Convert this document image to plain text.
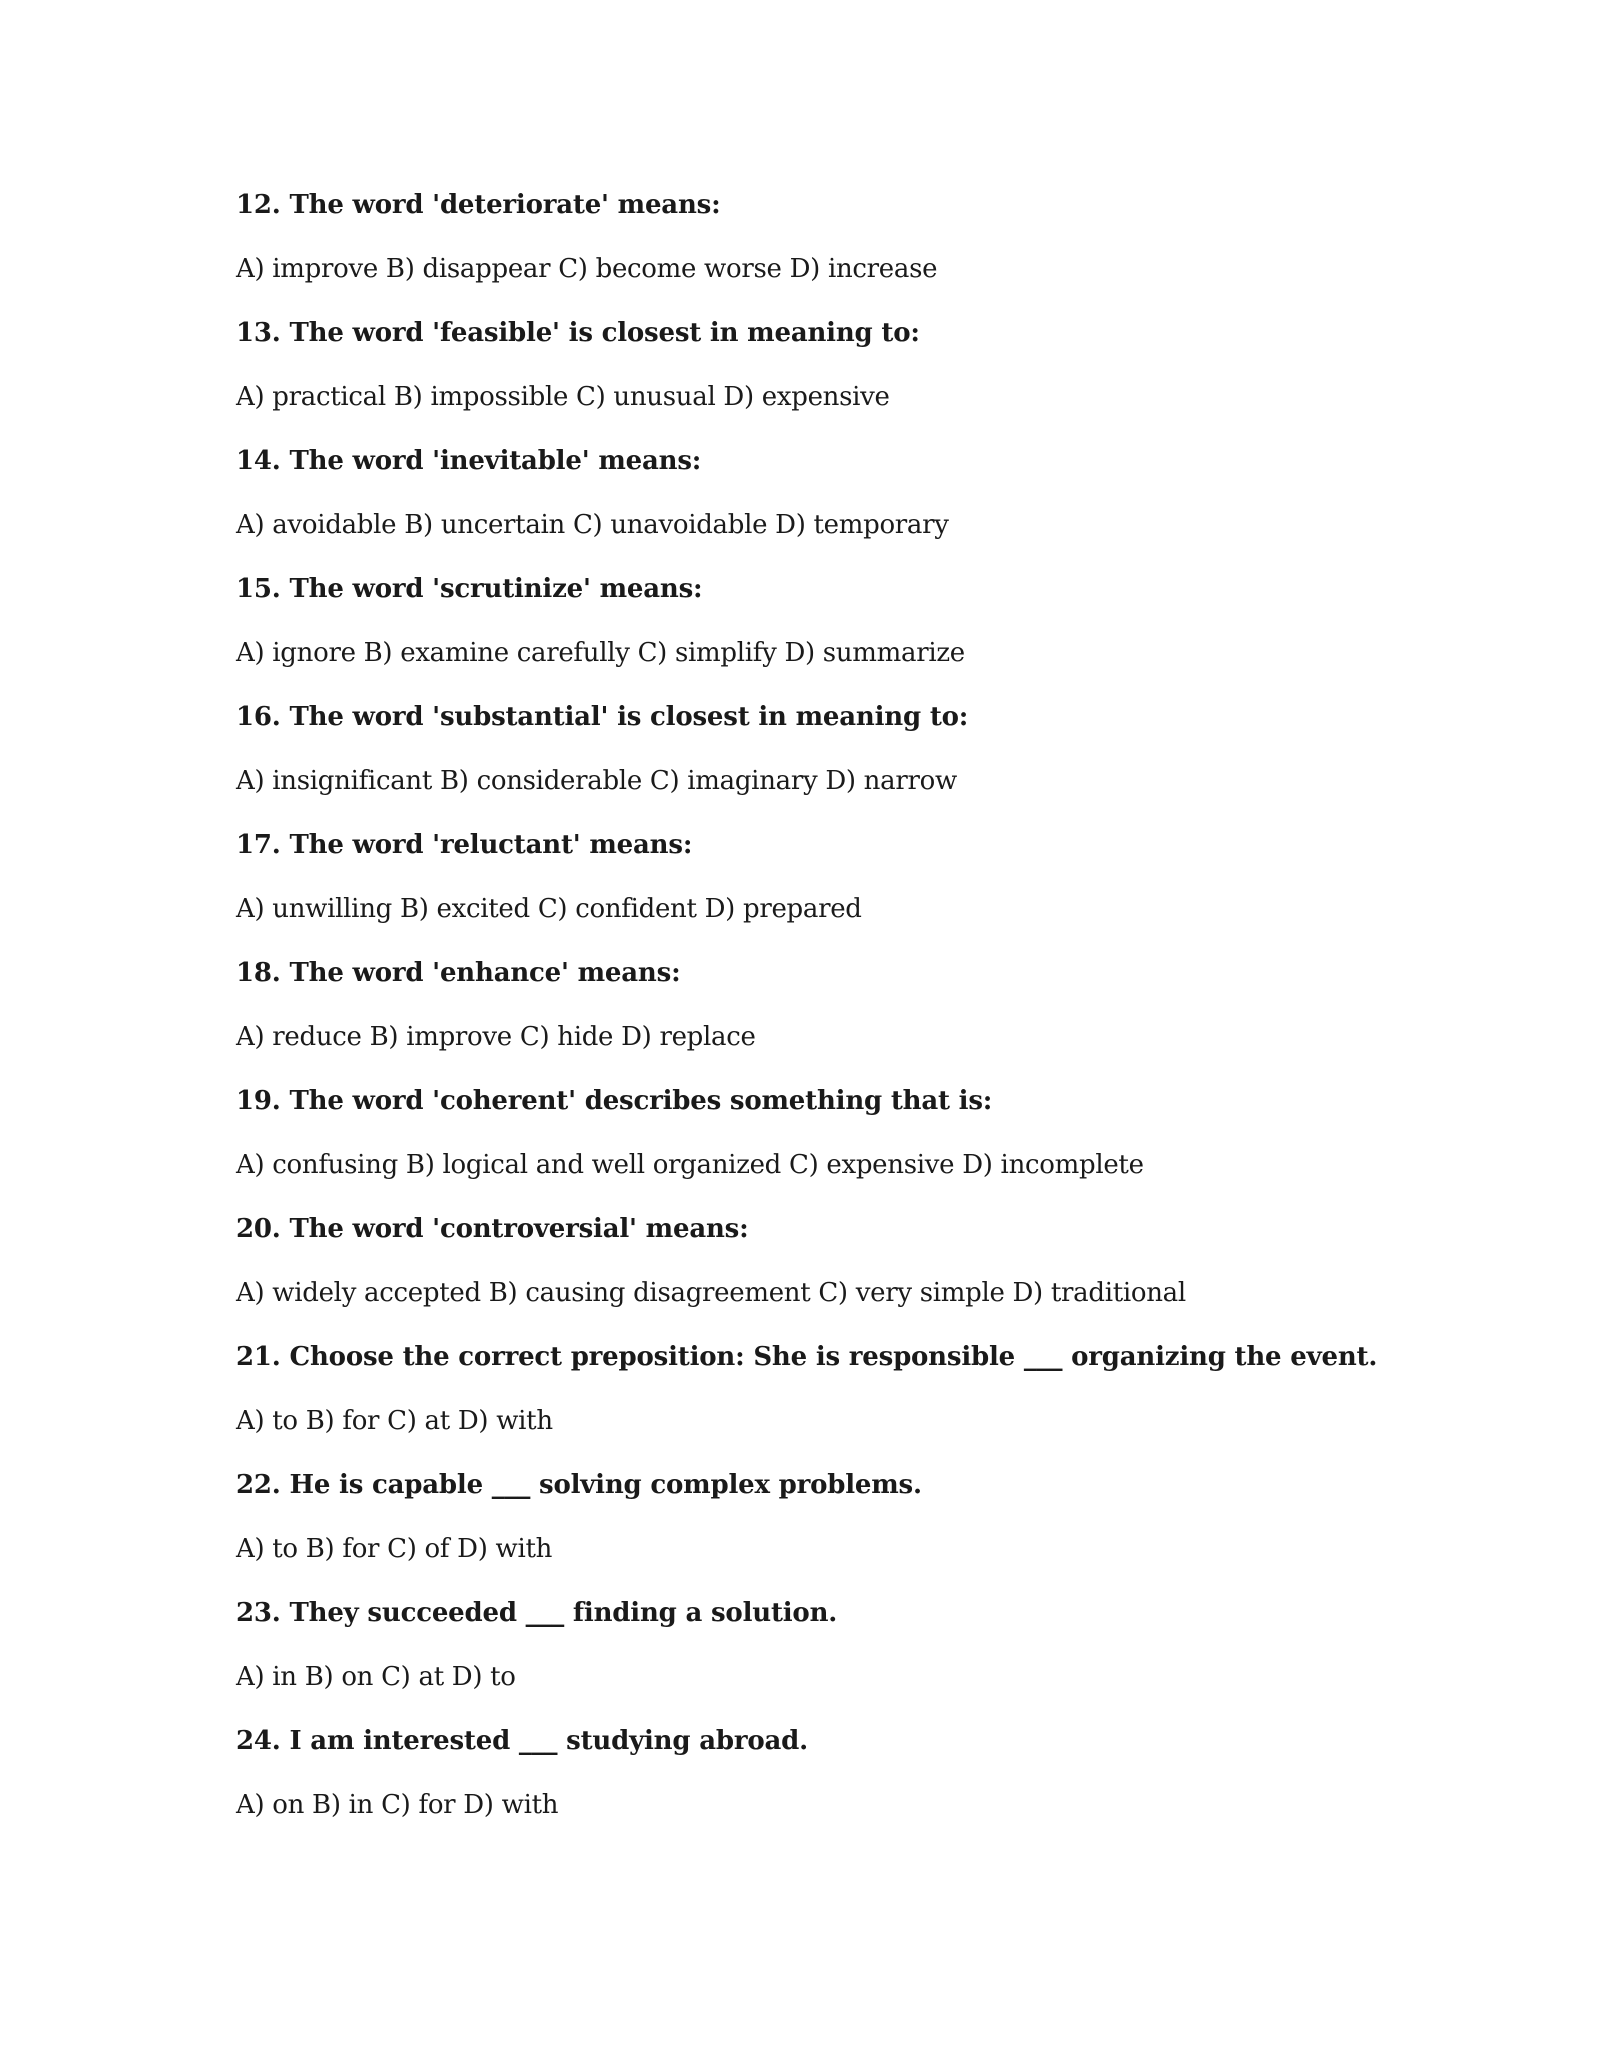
12. The word 'deteriorate' means:
A) improve B) disappear C) become worse D) increase
13. The word 'feasible' is closest in meaning to:
A) practical B) impossible C) unusual D) expensive
14. The word 'inevitable' means:
A) avoidable B) uncertain C) unavoidable D) temporary
15. The word 'scrutinize' means:
A) ignore B) examine carefully C) simplify D) summarize
16. The word 'substantial' is closest in meaning to:
A) insignificant B) considerable C) imaginary D) narrow
17. The word 'reluctant' means:
A) unwilling B) excited C) confident D) prepared
18. The word 'enhance' means:
A) reduce B) improve C) hide D) replace
19. The word 'coherent' describes something that is:
A) confusing B) logical and well organized C) expensive D) incomplete
20. The word 'controversial' means:
A) widely accepted B) causing disagreement C) very simple D) traditional
21. Choose the correct preposition: She is responsible ___ organizing the event.
A) to B) for C) at D) with
22. He is capable ___ solving complex problems.
A) to B) for C) of D) with
23. They succeeded ___ finding a solution.
A) in B) on C) at D) to
24. I am interested ___ studying abroad.
A) on B) in C) for D) with
